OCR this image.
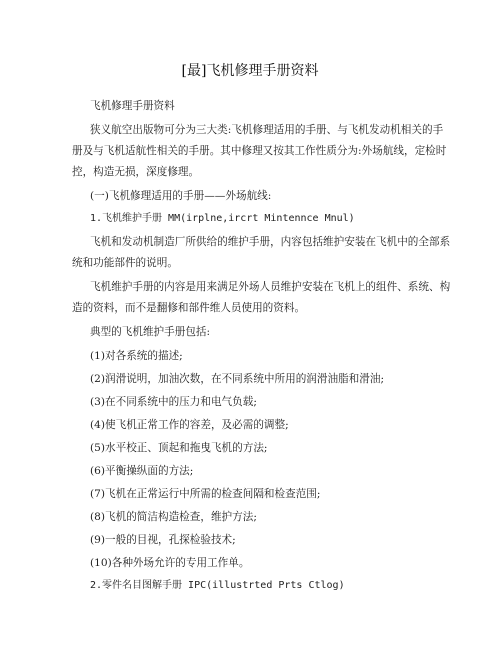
[最]飞机修理手册资料
飞机修理手册资料
狭义航空出版物可分为三大类:飞机修理适用的手册、与飞机发动机相关的手
册及与飞机适航性相关的手册。其中修理又按其工作性质分为:外场航线，定检时
控，构造无损，深度修理。
(一)飞机修理适用的手册——外场航线:
1.飞机维护手册 MM(irplne,ircrt Mintennce Mnul)
飞机和发动机制造厂所供给的维护手册，内容包括维护安装在飞机中的全部系
统和功能部件的说明。
飞机维护手册的内容是用来满足外场人员维护安装在飞机上的组件、系统、构
造的资料，而不是翻修和部件维人员使用的资料。
典型的飞机维护手册包括:
(1)对各系统的描述;
(2)润滑说明，加油次数，在不同系统中所用的润滑油脂和滑油;
(3)在不同系统中的压力和电气负载;
(4)使飞机正常工作的容差，及必需的调整;
(5)水平校正、顶起和拖曳飞机的方法;
(6)平衡操纵面的方法;
(7)飞机在正常运行中所需的检查间隔和检查范围;
(8)飞机的简洁构造检查，维护方法;
(9)一般的目视，孔探检验技术;
(10)各种外场允许的专用工作单。
2.零件名目图解手册 IPC(illustrted Prts Ctlog)
